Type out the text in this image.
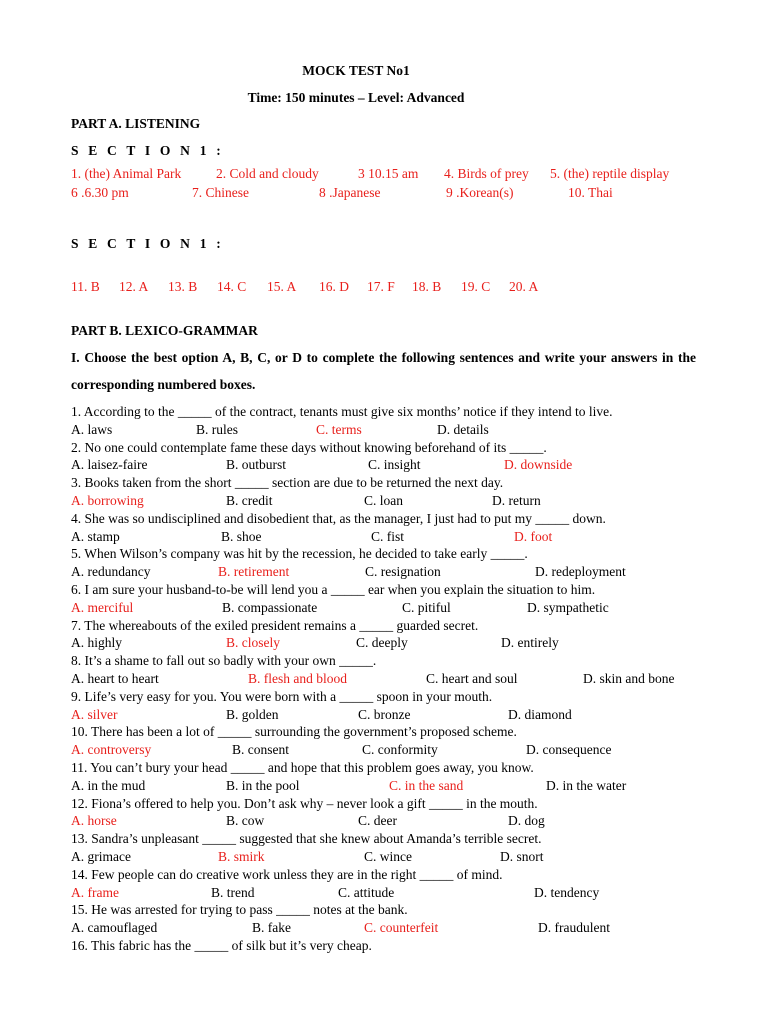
MOCK TEST No1
Time: 150 minutes – Level: Advanced
PART A. LISTENING
S E C T I O N 1 :
1. (the) Animal Park	2. Cold and cloudy	3 10.15 am 4. Birds of prey 5. (the) reptile display
6 .6.30 pm	7. Chinese	8 .Japanese	9 .Korean(s)	10. Thai
S E C T I O N 1 :
11. B 12. A 13. B 14. C 15. A 16. D 17. F 18. B 19. C 20. A
PART B. LEXICO-GRAMMAR
I. Choose the best option A, B, C, or D to complete the following sentences and write your answers in the corresponding numbered boxes.
1. According to the _____ of the contract, tenants must give six months’ notice if they intend to live.
A. laws	B. rules	C. terms	D. details
2. No one could contemplate fame these days without knowing beforehand of its _____.
A. laisez-faire	B. outburst	C. insight	D. downside
3. Books taken from the short _____ section are due to be returned the next day.
A. borrowing	B. credit	C. loan	D. return
4. She was so undisciplined and disobedient that, as the manager, I just had to put my _____ down.
A. stamp	B. shoe	C. fist	D. foot
5. When Wilson’s company was hit by the recession, he decided to take early _____.
A. redundancy	B. retirement	C. resignation	D. redeployment
6. I am sure your husband-to-be will lend you a _____ ear when you explain the situation to him.
A. merciful	B. compassionate	C. pitiful	D. sympathetic
7. The whereabouts of the exiled president remains a _____ guarded secret.
A. highly	B. closely	C. deeply	D. entirely
8. It’s a shame to fall out so badly with your own _____.
A. heart to heart	B. flesh and blood	C. heart and soul	D. skin and bone
9. Life’s very easy for you. You were born with a _____ spoon in your mouth.
A. silver	B. golden	C. bronze	D. diamond
10. There has been a lot of _____ surrounding the government’s proposed scheme.
A. controversy	B. consent	C. conformity	D. consequence
11. You can’t bury your head _____ and hope that this problem goes away, you know.
A. in the mud	B. in the pool	C. in the sand	D. in the water
12. Fiona’s offered to help you. Don’t ask why – never look a gift _____ in the mouth.
A. horse	B. cow	C. deer	D. dog
13. Sandra’s unpleasant _____ suggested that she knew about Amanda’s terrible secret.
A. grimace	B. smirk	C. wince	D. snort
14. Few people can do creative work unless they are in the right _____ of mind.
A. frame	B. trend	C. attitude	D. tendency
15. He was arrested for trying to pass _____ notes at the bank.
A. camouflaged	B. fake	C. counterfeit	D. fraudulent
16. This fabric has the _____ of silk but it’s very cheap.
